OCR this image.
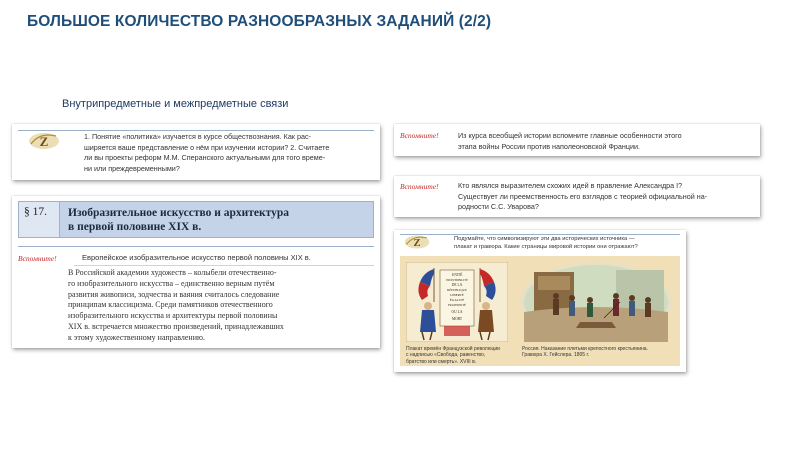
БОЛЬШОЕ КОЛИЧЕСТВО РАЗНООБРАЗНЫХ ЗАДАНИЙ (2/2)
Внутрипредметные и межпредметные связи
Z	1. Понятие «политика» изучается в курсе обществознания. Как рас-
ширяется ваше представление о нём при изучении истории? 2. Считаете
ли вы проекты реформ М.М. Сперанского актуальными для того време-
ни или преждевременными?
§ 17.	Изобразительное искусство и архитектура
в первой половине XIX в.
Вспомните!	Европейское изобразительное искусство первой половины XIX в.
В Российской академии художеств – колыбели отечественно-
го изобразительного искусства – единственно верным путём
развития живописи, зодчества и ваяния считалось следование
принципам классицизма. Среди памятников отечественного
изобразительного искусства и архитектуры первой половины
XIX в. встречается множество произведений, принадлежавших
к этому художественному направлению.
Вспомните!	Из курса всеобщей истории вспомните главные особенности этого
этапа войны России против наполеоновской Франции.
Вспомните!	Кто являлся выразителем схожих идей в правление Александра I?
Существует ли преемственность его взглядов с теорией официальной на-
родности С.С. Уварова?
Z	Подумайте, что символизируют эти два исторических источника —
плакат и гравюра. Какие страницы мировой истории они отражают?
UNITÉ
INDIVISIBILITÉ
DE LA
RÉPUBLIQUE
LIBERTÉ
ÉGALITÉ
FRATERNITÉ
OU LA
MORT
Плакат времён Французской революции
с надписью «Свобода, равенство,
братство или смерть». XVIII в.
Россия. Наказание плетьми крепостного крестьянина.
Гравюра Х. Гейслера. 1805 г.
